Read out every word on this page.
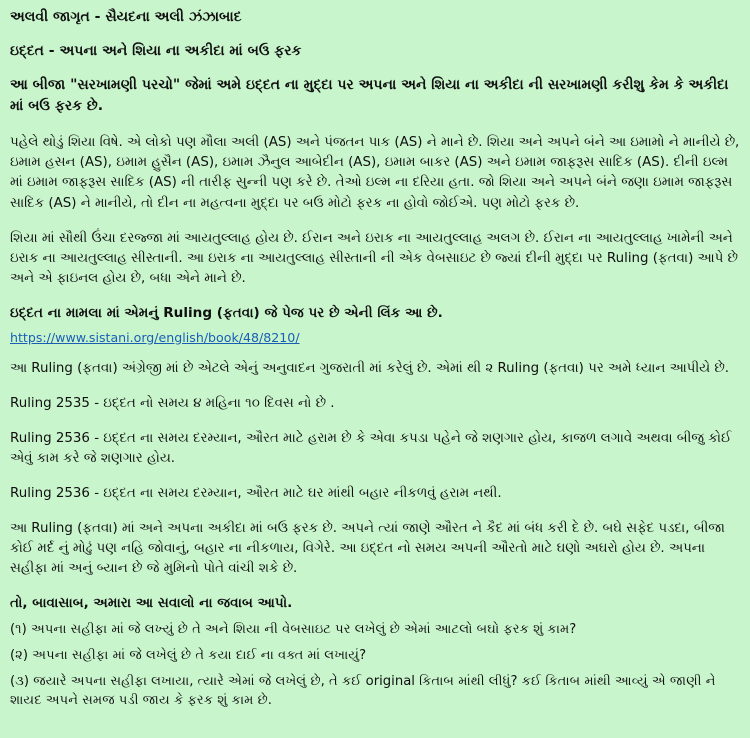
અલવી જાગૃત - સૈયદના અલી ઝંઝાબાદ
ઇદ્દત - અપના અને શિયા ના અકીદા માં બઉ ફરક
આ બીજા "સરખામણી પરચો" જેમાં અમે ઇદ્દત ના મુદ્દા પર અપના અને શિયા ના અકીદા ની સરખામણી કરીશુ કેમ કે અકીદા માં બઉ ફરક છે.
પહેલે થોડું શિયા વિષે. એ લોકો પણ મૌલા અલી (AS) અને પંજતન પાક (AS) ને માને છે. શિયા અને અપને બંને આ ઇમામો ને માનીયે છે, ઇમામ હસન (AS), ઇમામ હુસૈન (AS), ઇમામ ઝૈનુલ આબેદીન (AS), ઇમામ બાકર (AS) અને ઇમામ જાફરૂસ સાદિક (AS). દીની ઇલ્મ માં ઇમામ જાફરૂસ સાદિક (AS) ની તારીફ સુન્ની પણ કરે છે. તેઓ ઇલ્મ ના દરિયા હતા. જો શિયા અને અપને બંને જણા ઇમામ જાફરૂસ સાદિક (AS) ને માનીયે, તો દીન ના મહત્વના મુદ્દા પર બઉ મોટો ફરક ના હોવો જોઈએ. પણ મોટો ફરક છે.
શિયા માં સૌથી ઉંચા દરજ્જા માં આયતુલ્લાહ હોય છે. ઈરાન અને ઇરાક ના આયતુલ્લાહ અલગ છે. ઈરાન ના આયતુલ્લાહ ખામેની અને ઇરાક ના આયતુલ્લાહ સીસ્તાની. આ ઇરાક ના આયતુલ્લાહ સીસ્તાની ની એક વેબસાઇટ છે જ્યાં દીની મુદ્દા પર Ruling (ફતવા) આપે છે અને એ ફાઇનલ હોય છે, બધા એને માને છે.
ઇદ્દત ના મામલા માં એમનું Ruling (ફતવા) જે પેજ પર છે એની લિંક આ છે.
https://www.sistani.org/english/book/48/8210/
આ Ruling (ફતવા) અંગ્રેજી માં છે એટલે એનું અનુવાદન ગુજરાતી માં કરેલું છે. એમાં થી ૨ Ruling (ફતવા) પર અમે ધ્યાન આપીયે છે.
Ruling 2535 - ઇદ્દત નો સમય ૪ મહિના ૧૦ દિવસ નો છે .
Ruling 2536 - ઇદ્દત ના સમય દરમ્યાન, ઔરત માટે હરામ છે કે એવા કપડા પહેને જે શણગાર હોય, કાજળ લગાવે અથવા બીજુ કોઈ એવું કામ કરે જે શણગાર હોય.
Ruling 2536 - ઇદ્દત ના સમય દરમ્યાન, ઔરત માટે ઘર માંથી બહાર નીકળવું હરામ નથી.
આ Ruling (ફતવા) માં અને અપના અકીદા માં બઉ ફરક છે. અપને ત્યાં જાણે ઔરત ને કૈદ માં બંધ કરી દે છે. બઘે સફેદ પડદા, બીજા કોઈ મર્દ નું મોઢું પણ નહિ જોવાનું, બહાર ના નીકળાય, વિગેરે. આ ઇદ્દત નો સમય અપની ઔરતો માટે ઘણો અઘરો હોય છે. અપના સહીફા માં અનું બ્યાન છે જે મુમિનો પોતે વાંચી શકે છે.
તો, બાવાસાબ, અમારા આ સવાલો ના જવાબ આપો.
(૧) અપના સહીફા માં જે લખ્યું છે તે અને શિયા ની વેબસાઇટ પર લખેલું છે એમાં આટલો બઘો ફરક શું કામ?
(૨) અપના સહીફા માં જે લખેલું છે તે કયા દાઈ ના વક્ત માં લખાયું?
(૩) જયારે અપના સહીફા લખાયા, ત્યારે એમાં જે લખેલું છે, તે કઈ original કિતાબ માંથી લીધું? કઈ કિતાબ માંથી આવ્યું એ જાણી ને શાયદ અપને સમજ પડી જાય કે ફરક શું કામ છે.
